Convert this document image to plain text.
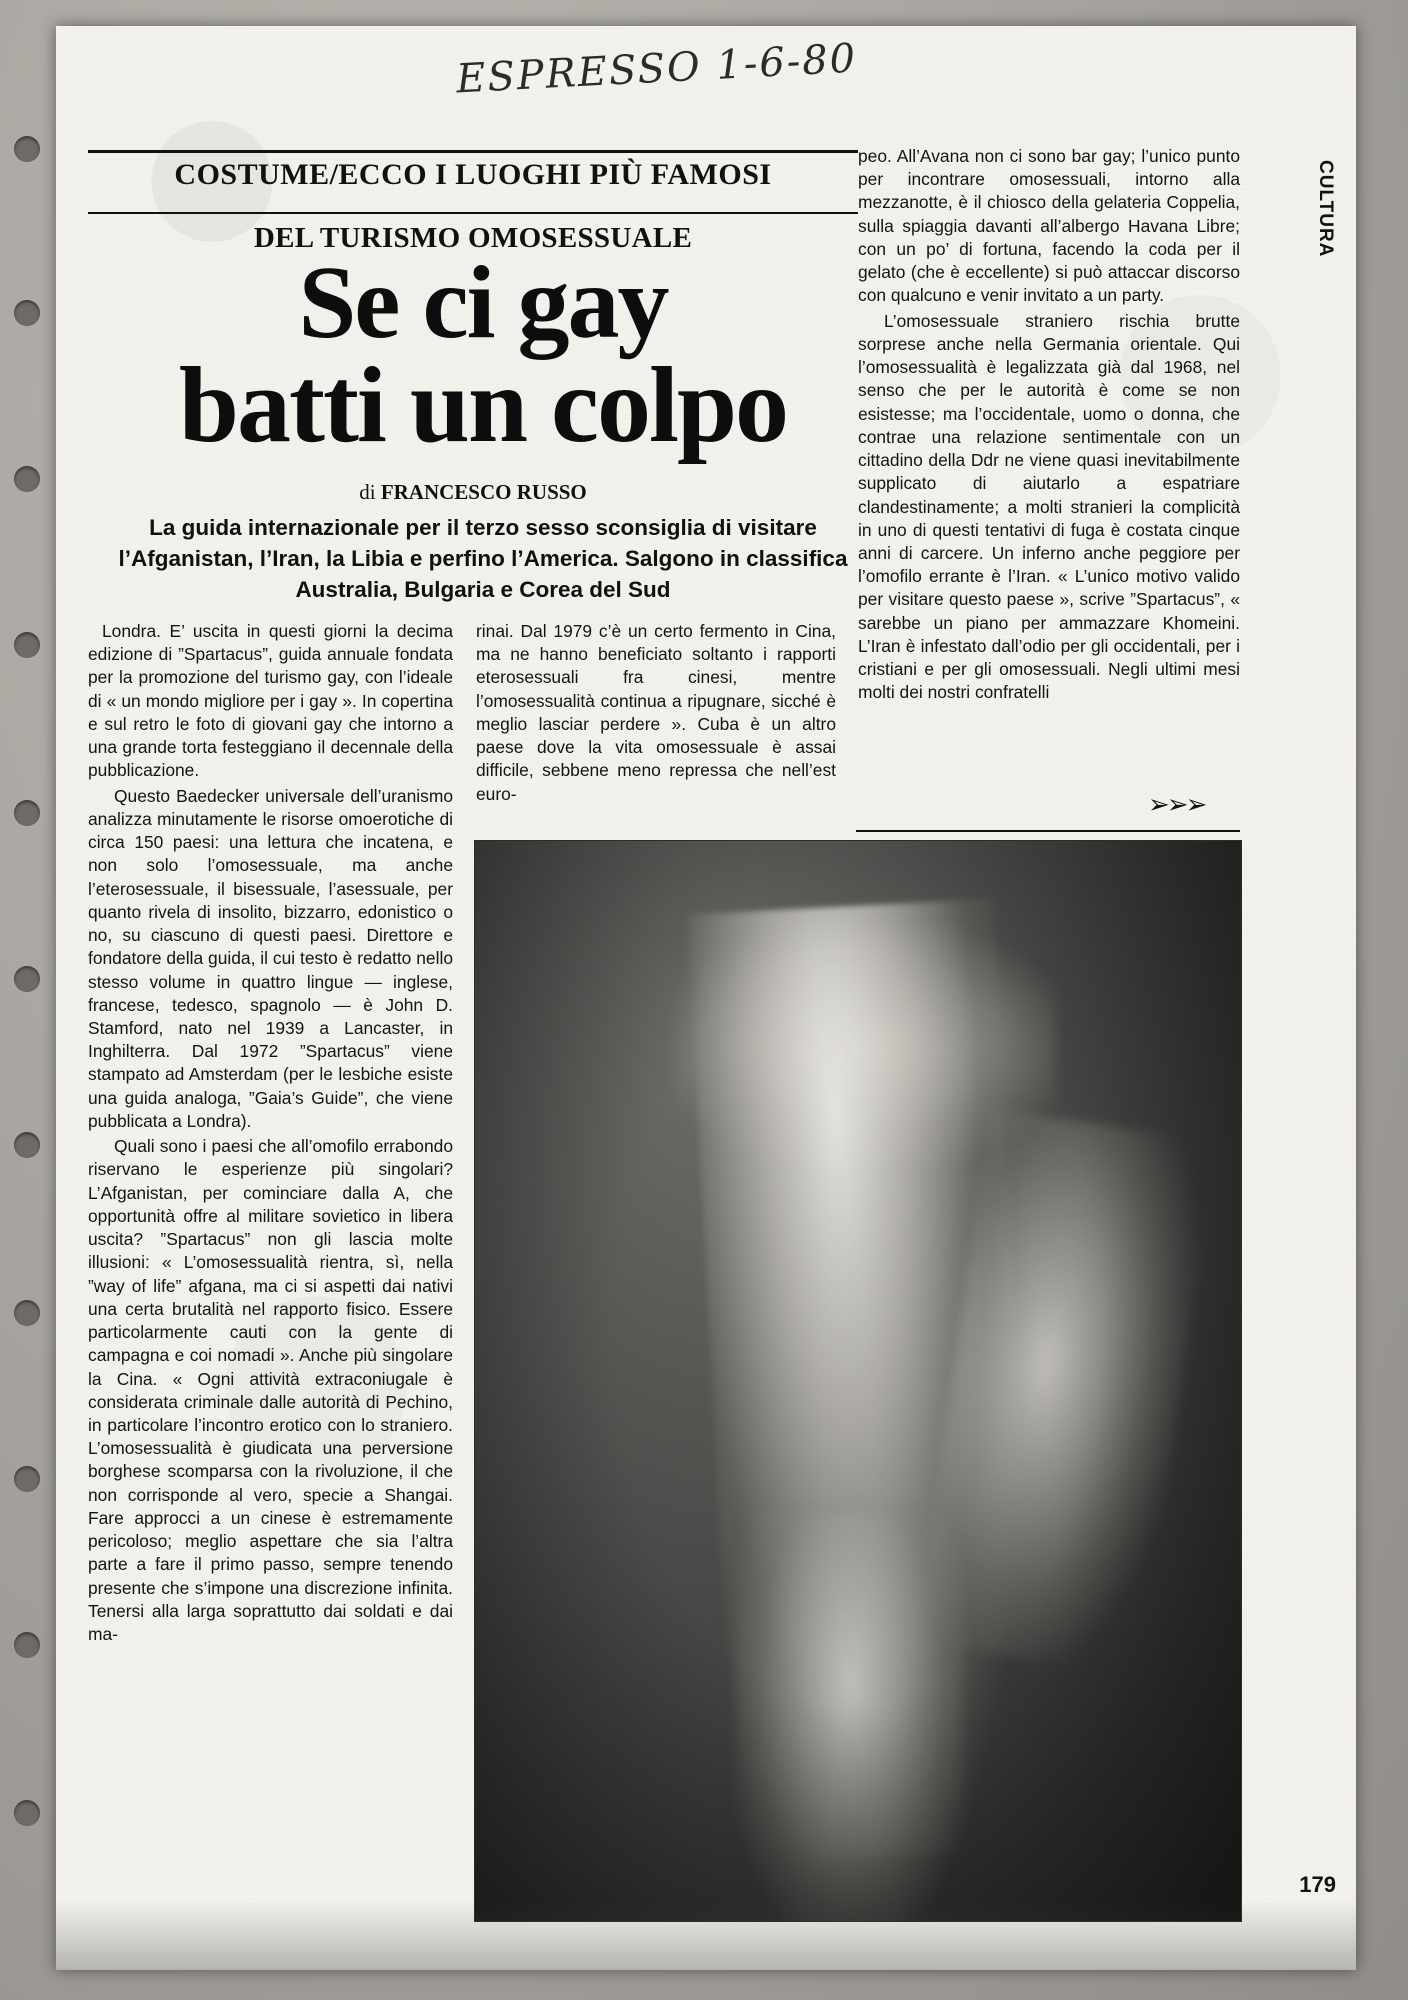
ESPRESSO 1-6-80
CULTURA
COSTUME/ECCO I LUOGHI PIÙ FAMOSI
DEL TURISMO OMOSESSUALE
Se ci gay
batti un colpo
di FRANCESCO RUSSO
La guida internazionale per il terzo sesso sconsiglia di visitare l’Afganistan, l’Iran, la Libia e perfino l’America. Salgono in classifica Australia, Bulgaria e Corea del Sud

Londra. E’ uscita in questi giorni la decima edizione di ”Spartacus”, guida annuale fondata per la promozione del turismo gay, con l’ideale di « un mondo migliore per i gay ». In copertina e sul retro le foto di giovani gay che intorno a una grande torta festeggiano il decennale della pubblicazione.

Questo Baedecker universale dell’uranismo analizza minutamente le risorse omoerotiche di circa 150 paesi: una lettura che incatena, e non solo l’omosessuale, ma anche l’eterosessuale, il bisessuale, l’asessuale, per quanto rivela di insolito, bizzarro, edonistico o no, su ciascuno di questi paesi. Direttore e fondatore della guida, il cui testo è redatto nello stesso volume in quattro lingue — inglese, francese, tedesco, spagnolo — è John D. Stamford, nato nel 1939 a Lancaster, in Inghilterra. Dal 1972 ”Spartacus” viene stampato ad Amsterdam (per le lesbiche esiste una guida analoga, ”Gaia’s Guide”, che viene pubblicata a Londra).

Quali sono i paesi che all’omofilo errabondo riservano le esperienze più singolari? L’Afganistan, per cominciare dalla A, che opportunità offre al militare sovietico in libera uscita? ”Spartacus” non gli lascia molte illusioni: « L’omosessualità rientra, sì, nella ”way of life” afgana, ma ci si aspetti dai nativi una certa brutalità nel rapporto fisico. Essere particolarmente cauti con la gente di campagna e coi nomadi ». Anche più singolare la Cina. « Ogni attività extraconiugale è considerata criminale dalle autorità di Pechino, in particolare l’incontro erotico con lo straniero. L’omosessualità è giudicata una perversione borghese scomparsa con la rivoluzione, il che non corrisponde al vero, specie a Shangai. Fare approcci a un cinese è estremamente pericoloso; meglio aspettare che sia l’altra parte a fare il primo passo, sempre tenendo presente che s’impone una discrezione infinita. Tenersi alla larga soprattutto dai soldati e dai ma-

rinai. Dal 1979 c’è un certo fermento in Cina, ma ne hanno beneficiato soltanto i rapporti eterosessuali fra cinesi, mentre l’omosessualità continua a ripugnare, sicché è meglio lasciar perdere ». Cuba è un altro paese dove la vita omosessuale è assai difficile, sebbene meno repressa che nell’est euro-

peo. All’Avana non ci sono bar gay; l’unico punto per incontrare omosessuali, intorno alla mezzanotte, è il chiosco della gelateria Coppelia, sulla spiaggia davanti all’albergo Havana Libre; con un po’ di fortuna, facendo la coda per il gelato (che è eccellente) si può attaccar discorso con qualcuno e venir invitato a un party.

L’omosessuale straniero rischia brutte sorprese anche nella Germania orientale. Qui l’omosessualità è legalizzata già dal 1968, nel senso che per le autorità è come se non esistesse; ma l’occidentale, uomo o donna, che contrae una relazione sentimentale con un cittadino della Ddr ne viene quasi inevitabilmente supplicato di aiutarlo a espatriare clandestinamente; a molti stranieri la complicità in uno di questi tentativi di fuga è costata cinque anni di carcere. Un inferno anche peggiore per l’omofilo errante è l’Iran. « L’unico motivo valido per visitare questo paese », scrive ”Spartacus”, « sarebbe un piano per ammazzare Khomeini. L’Iran è infestato dall’odio per gli occidentali, per i cristiani e per gli omosessuali. Negli ultimi mesi molti dei nostri confratelli

➢➢➢
179
